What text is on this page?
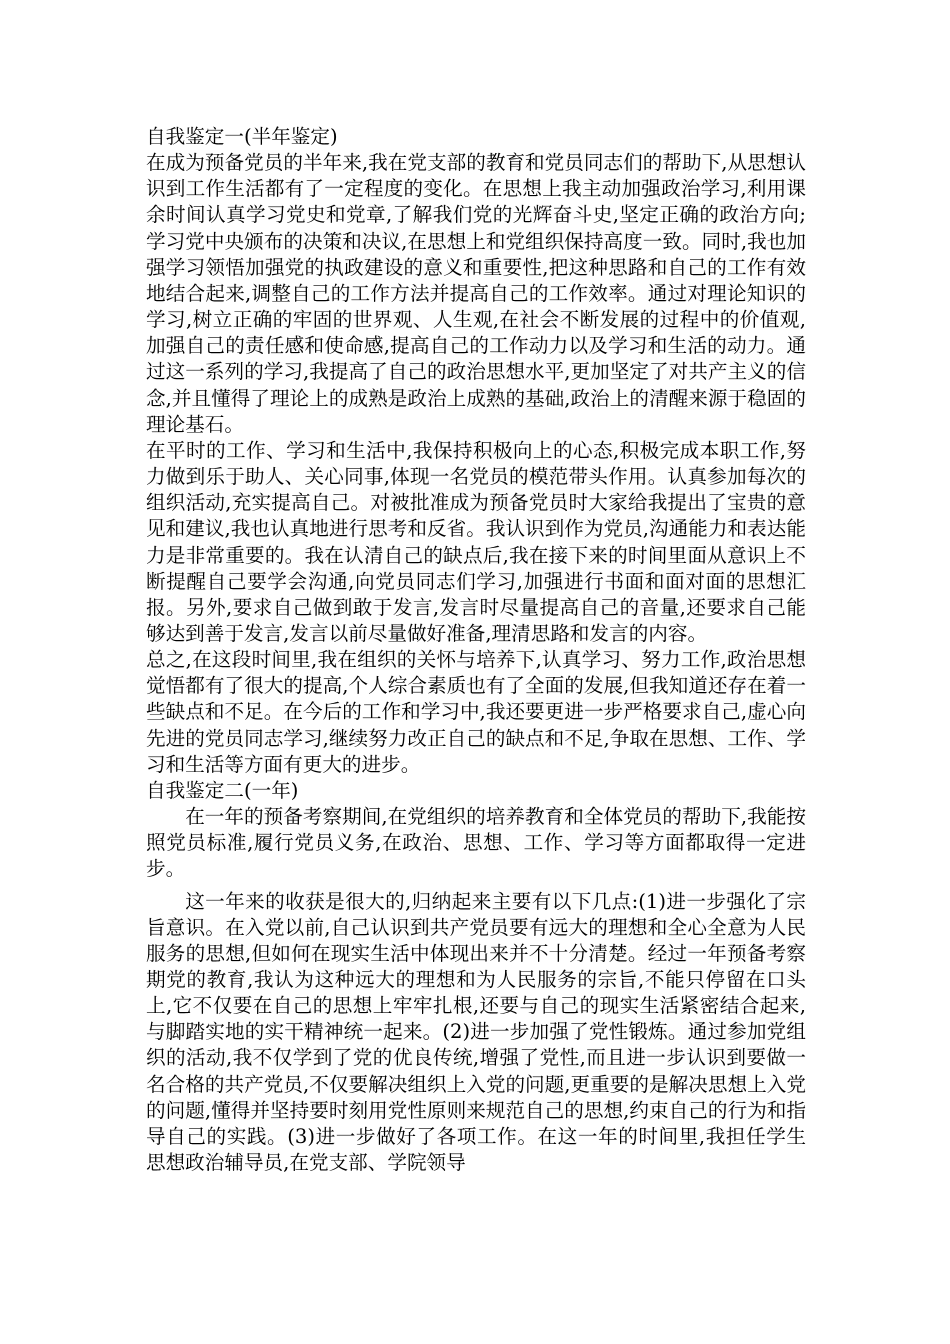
自我鉴定一(半年鉴定)

在成为预备党员的半年来,我在党支部的教育和党员同志们的帮助下,从思想认识到工作生活都有了一定程度的变化。在思想上我主动加强政治学习,利用课余时间认真学习党史和党章,了解我们党的光辉奋斗史,坚定正确的政治方向;学习党中央颁布的决策和决议,在思想上和党组织保持高度一致。同时,我也加强学习领悟加强党的执政建设的意义和重要性,把这种思路和自己的工作有效地结合起来,调整自己的工作方法并提高自己的工作效率。通过对理论知识的学习,树立正确的牢固的世界观、人生观,在社会不断发展的过程中的价值观,加强自己的责任感和使命感,提高自己的工作动力以及学习和生活的动力。通过这一系列的学习,我提高了自己的政治思想水平,更加坚定了对共产主义的信念,并且懂得了理论上的成熟是政治上成熟的基础,政治上的清醒来源于稳固的理论基石。

在平时的工作、学习和生活中,我保持积极向上的心态,积极完成本职工作,努力做到乐于助人、关心同事,体现一名党员的模范带头作用。认真参加每次的组织活动,充实提高自己。对被批准成为预备党员时大家给我提出了宝贵的意见和建议,我也认真地进行思考和反省。我认识到作为党员,沟通能力和表达能力是非常重要的。我在认清自己的缺点后,我在接下来的时间里面从意识上不断提醒自己要学会沟通,向党员同志们学习,加强进行书面和面对面的思想汇报。另外,要求自己做到敢于发言,发言时尽量提高自己的音量,还要求自己能够达到善于发言,发言以前尽量做好准备,理清思路和发言的内容。

总之,在这段时间里,我在组织的关怀与培养下,认真学习、努力工作,政治思想觉悟都有了很大的提高,个人综合素质也有了全面的发展,但我知道还存在着一些缺点和不足。在今后的工作和学习中,我还要更进一步严格要求自己,虚心向先进的党员同志学习,继续努力改正自己的缺点和不足,争取在思想、工作、学习和生活等方面有更大的进步。

自我鉴定二(一年)

在一年的预备考察期间,在党组织的培养教育和全体党员的帮助下,我能按照党员标准,履行党员义务,在政治、思想、工作、学习等方面都取得一定进步。

这一年来的收获是很大的,归纳起来主要有以下几点:(1)进一步强化了宗旨意识。在入党以前,自己认识到共产党员要有远大的理想和全心全意为人民服务的思想,但如何在现实生活中体现出来并不十分清楚。经过一年预备考察期党的教育,我认为这种远大的理想和为人民服务的宗旨,不能只停留在口头上,它不仅要在自己的思想上牢牢扎根,还要与自己的现实生活紧密结合起来,与脚踏实地的实干精神统一起来。(2)进一步加强了党性锻炼。通过参加党组织的活动,我不仅学到了党的优良传统,增强了党性,而且进一步认识到要做一名合格的共产党员,不仅要解决组织上入党的问题,更重要的是解决思想上入党的问题,懂得并坚持要时刻用党性原则来规范自己的思想,约束自己的行为和指导自己的实践。(3)进一步做好了各项工作。在这一年的时间里,我担任学生思想政治辅导员,在党支部、学院领导
